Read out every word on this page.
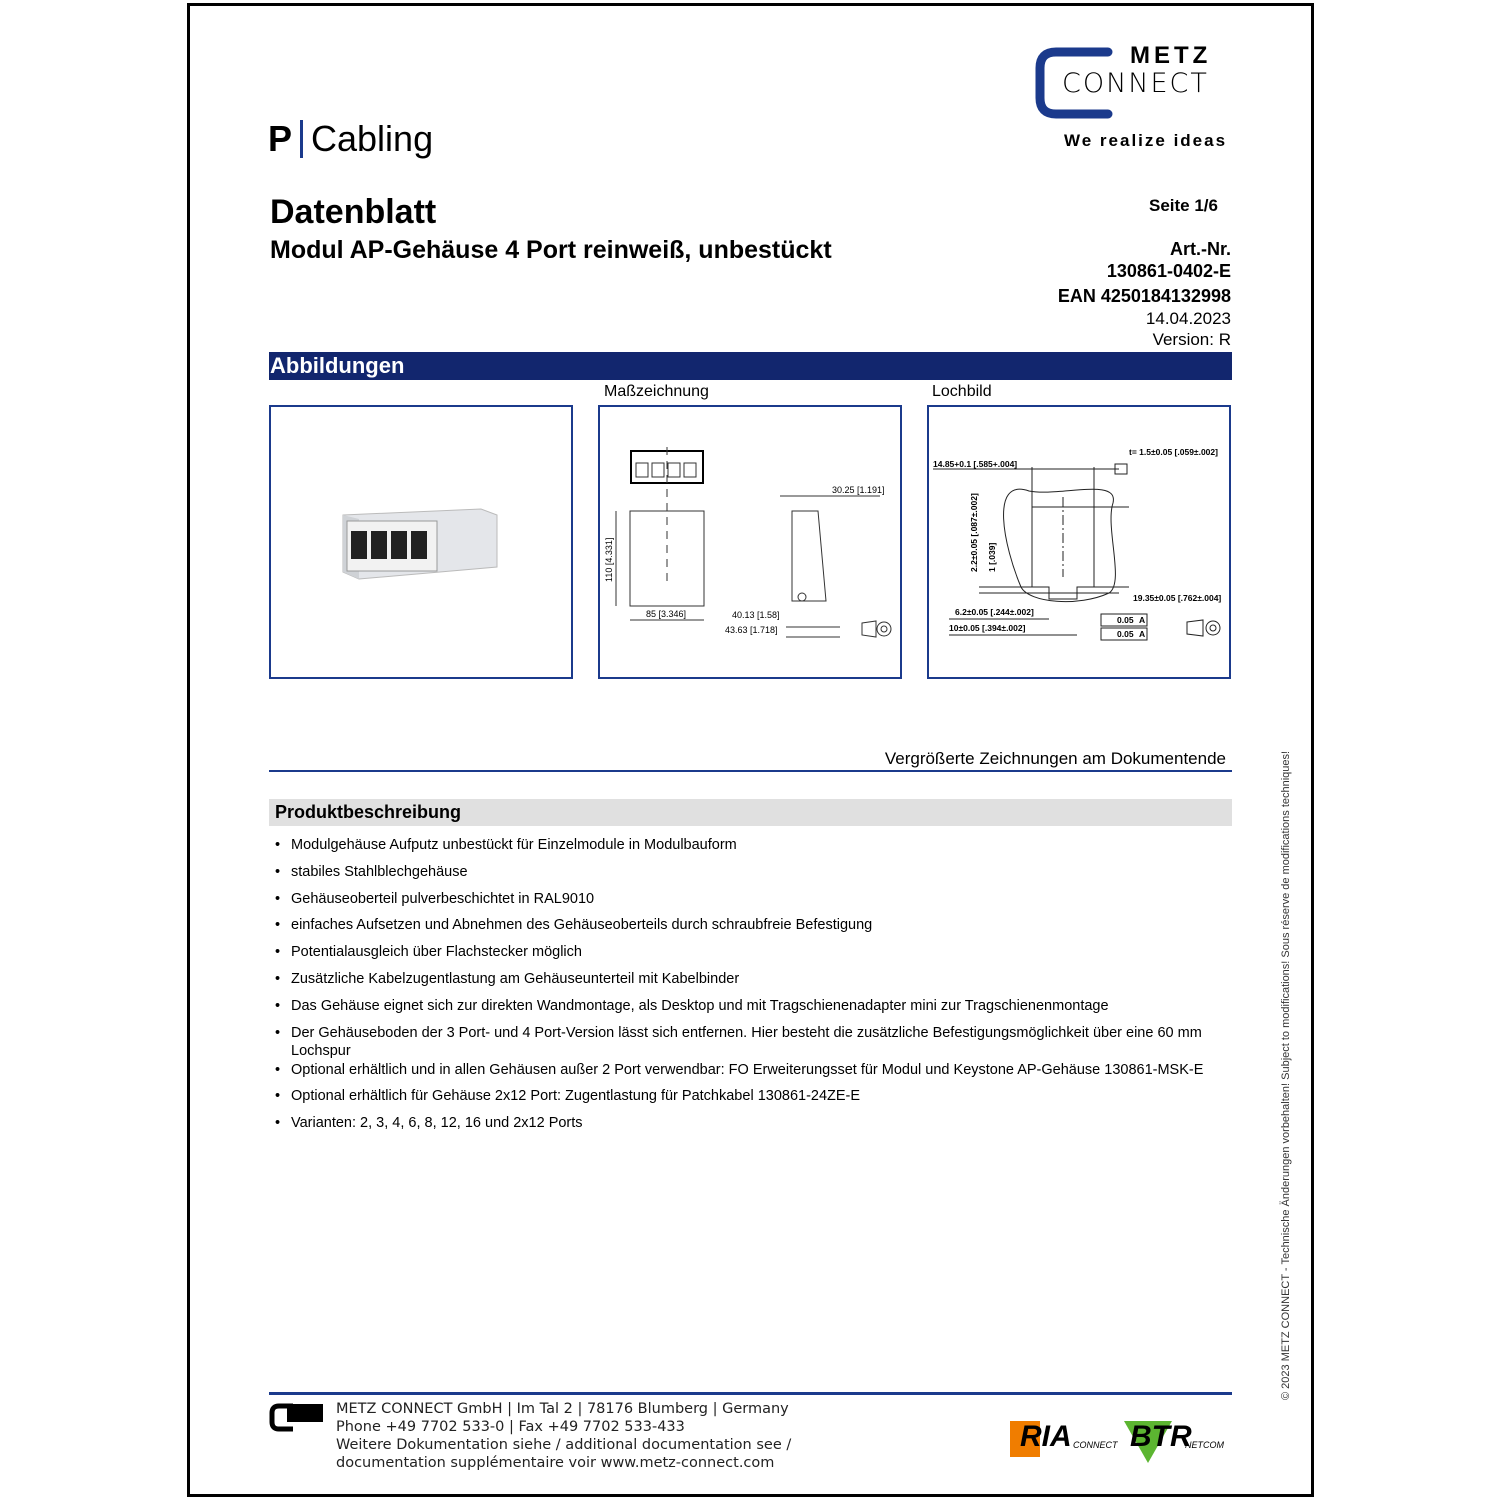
METZ
CONNECT
We realize ideas
P Cabling
Datenblatt
Modul AP-Gehäuse 4 Port reinweiß, unbestückt
Seite 1/6
Art.-Nr.
130861-0402-E
EAN 4250184132998
14.04.2023
Version: R
Abbildungen
Maßzeichnung	Lochbild
30.25 [1.191]
110 [4.331]
85 [3.346]	40.13 [1.58]
43.63 [1.718]
t= 1.5±0.05 [.059±.002]
14.85+0.1 [.585+.004]
2.2±0.05 [.087±.002] 1 [.039]
19.35±0.05 [.762±.004]
6.2±0.05 [.244±.002]
10±0.05 [.394±.002]
0.05 A
0.05 A
Vergrößerte Zeichnungen am Dokumentende
Produktbeschreibung
• Modulgehäuse Aufputz unbestückt für Einzelmodule in Modulbauform
• stabiles Stahlblechgehäuse
• Gehäuseoberteil pulverbeschichtet in RAL9010
• einfaches Aufsetzen und Abnehmen des Gehäuseoberteils durch schraubfreie Befestigung
• Potentialausgleich über Flachstecker möglich
• Zusätzliche Kabelzugentlastung am Gehäuseunterteil mit Kabelbinder
• Das Gehäuse eignet sich zur direkten Wandmontage, als Desktop und mit Tragschienenadapter mini zur Tragschienenmontage
• Der Gehäuseboden der 3 Port- und 4 Port-Version lässt sich entfernen. Hier besteht die zusätzliche Befestigungsmöglichkeit über eine 60 mm Lochspur
• Optional erhältlich und in allen Gehäusen außer 2 Port verwendbar: FO Erweiterungsset für Modul und Keystone AP-Gehäuse 130861-MSK-E
• Optional erhältlich für Gehäuse 2x12 Port: Zugentlastung für Patchkabel 130861-24ZE-E
• Varianten: 2, 3, 4, 6, 8, 12, 16 und 2x12 Ports
METZ CONNECT GmbH | Im Tal 2 | 78176 Blumberg | Germany
Phone +49 7702 533-0 | Fax +49 7702 533-433
Weitere Dokumentation siehe / additional documentation see /
documentation supplémentaire voir www.metz-connect.com
RIA CONNECT BTR
NETCOM
© 2023 METZ CONNECT - Technische Änderungen vorbehalten! Subject to modifications! Sous réserve de modifications techniques!
